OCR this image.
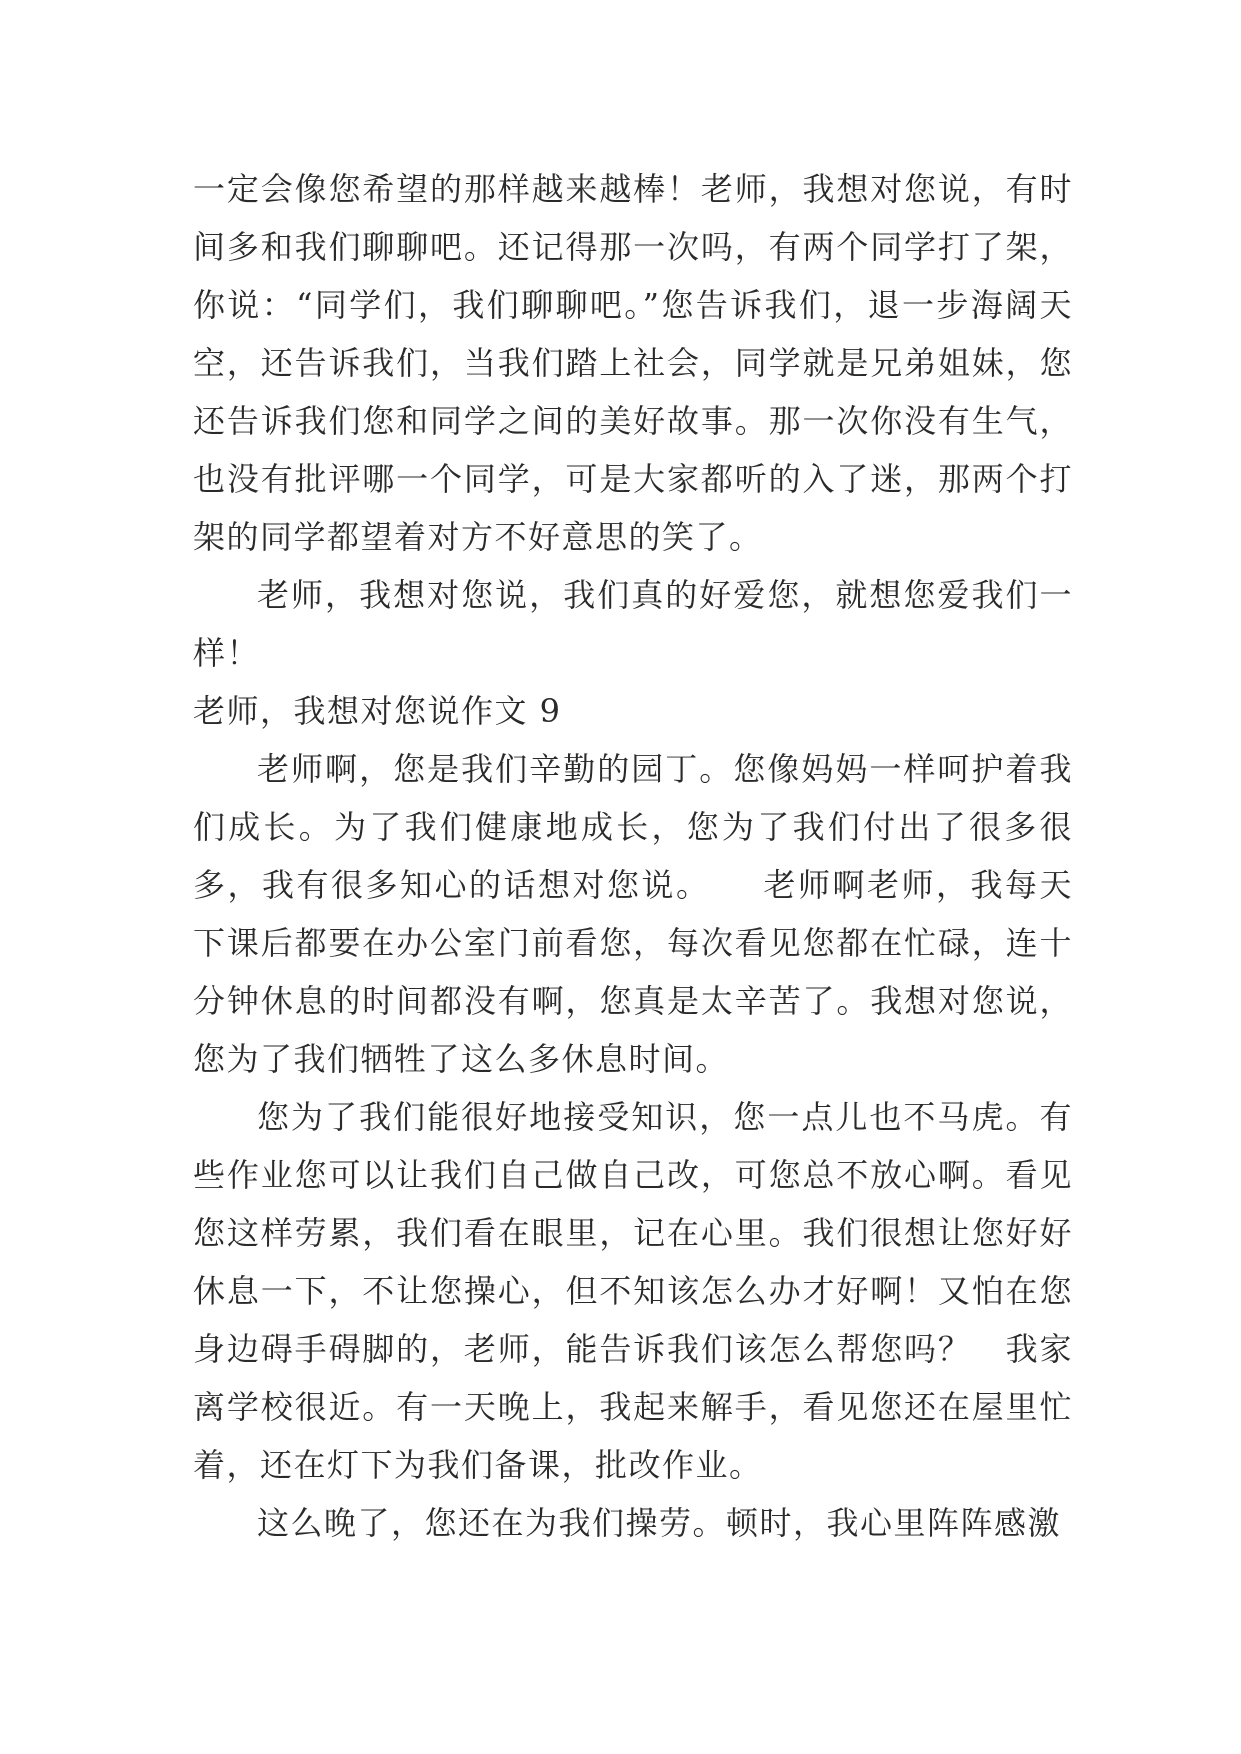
一定会像您希望的那样越来越棒！老师，我想对您说，有时间多和我们聊聊吧。还记得那一次吗，有两个同学打了架，你说：“同学们，我们聊聊吧。”您告诉我们，退一步海阔天空，还告诉我们，当我们踏上社会，同学就是兄弟姐妹，您还告诉我们您和同学之间的美好故事。那一次你没有生气，也没有批评哪一个同学，可是大家都听的入了迷，那两个打架的同学都望着对方不好意思的笑了。

老师，我想对您说，我们真的好爱您，就想您爱我们一样！

老师，我想对您说作文 9

老师啊，您是我们辛勤的园丁。您像妈妈一样呵护着我们成长。为了我们健康地成长，您为了我们付出了很多很多，我有很多知心的话想对您说。　　老师啊老师，我每天下课后都要在办公室门前看您，每次看见您都在忙碌，连十分钟休息的时间都没有啊，您真是太辛苦了。我想对您说，您为了我们牺牲了这么多休息时间。

您为了我们能很好地接受知识，您一点儿也不马虎。有些作业您可以让我们自己做自己改，可您总不放心啊。看见您这样劳累，我们看在眼里，记在心里。我们很想让您好好休息一下，不让您操心，但不知该怎么办才好啊！又怕在您身边碍手碍脚的，老师，能告诉我们该怎么帮您吗？　我家离学校很近。有一天晚上，我起来解手，看见您还在屋里忙着，还在灯下为我们备课，批改作业。

这么晚了，您还在为我们操劳。顿时，我心里阵阵感激
